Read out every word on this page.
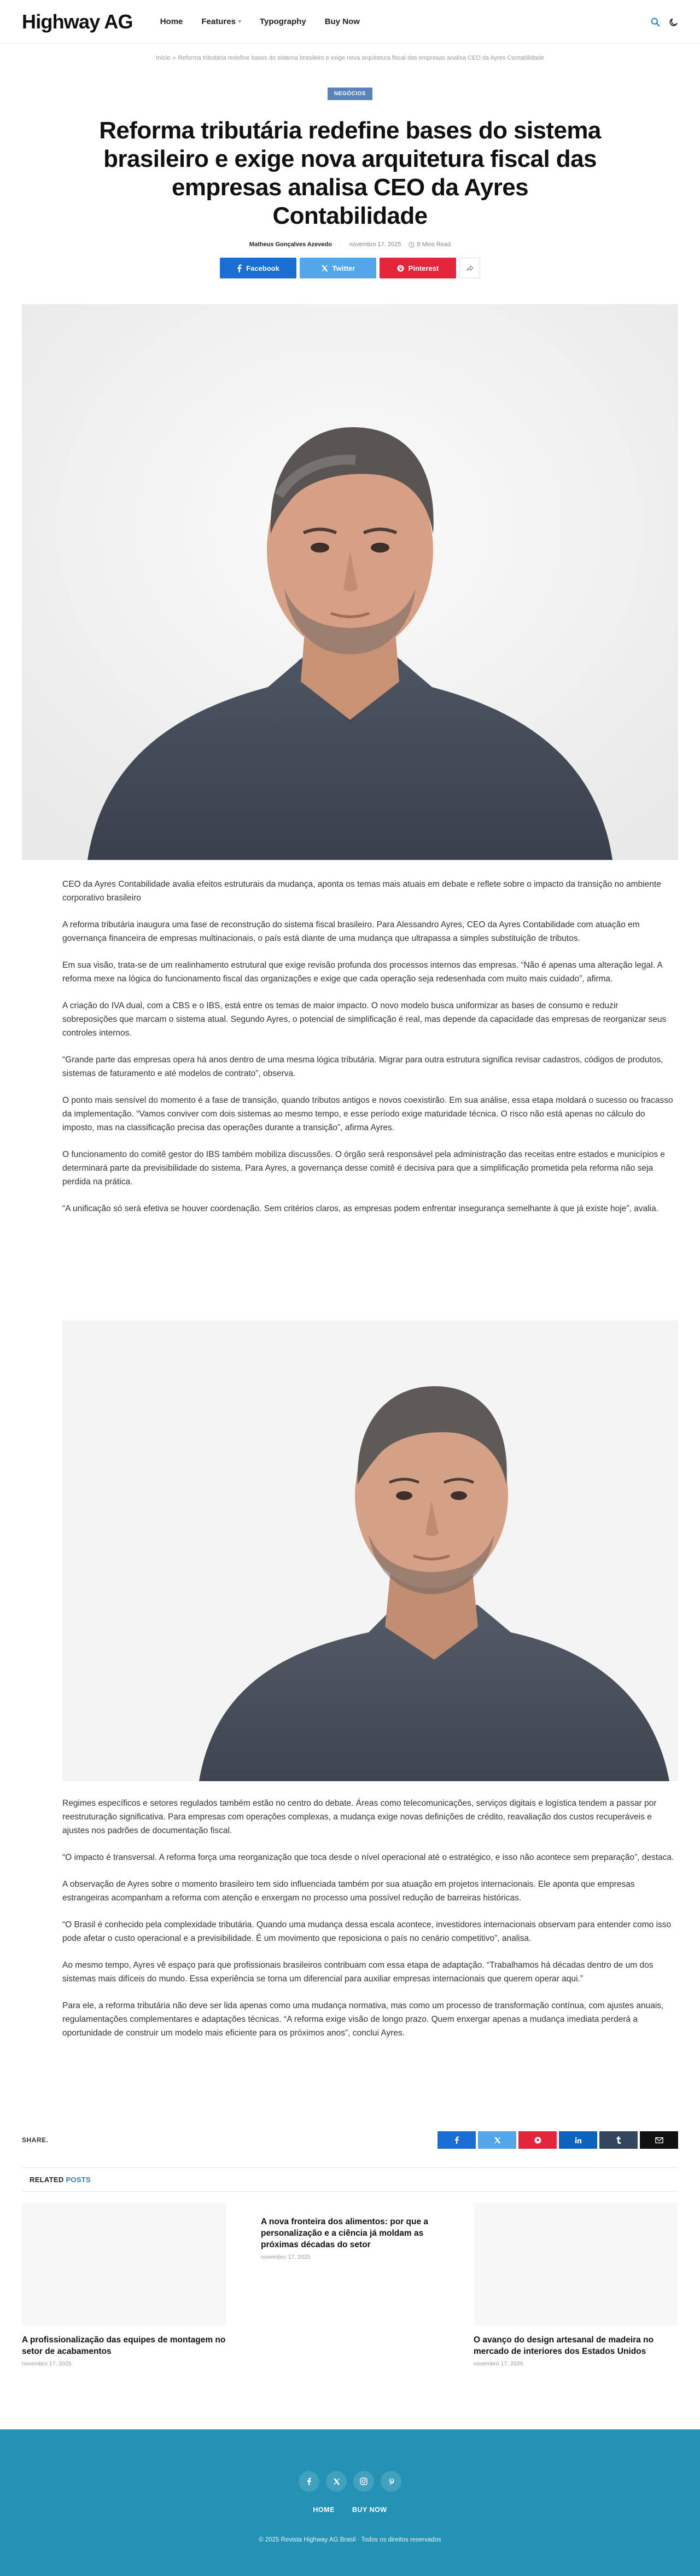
Highway AG	Home Features ▾ Typography Buy Now
Início » Reforma tributária redefine bases do sistema brasileiro e exige nova arquitetura fiscal das empresas analisa CEO da Ayres Contabilidade
NEGÓCIOS
Reforma tributária redefine bases do sistema brasileiro e exige nova arquitetura fiscal das empresas analisa CEO da Ayres Contabilidade
Matheus Gonçalves Azevedo · novembro 17, 2025	8 Mins Read
Facebook	Twitter	Pinterest

CEO da Ayres Contabilidade avalia efeitos estruturais da mudança, aponta os temas mais atuais em debate e reflete sobre o impacto da transição no ambiente corporativo brasileiro

A reforma tributária inaugura uma fase de reconstrução do sistema fiscal brasileiro. Para Alessandro Ayres, CEO da Ayres Contabilidade com atuação em governança financeira de empresas multinacionais, o país está diante de uma mudança que ultrapassa a simples substituição de tributos.

Em sua visão, trata-se de um realinhamento estrutural que exige revisão profunda dos processos internos das empresas. “Não é apenas uma alteração legal. A reforma mexe na lógica do funcionamento fiscal das organizações e exige que cada operação seja redesenhada com muito mais cuidado”, afirma.

A criação do IVA dual, com a CBS e o IBS, está entre os temas de maior impacto. O novo modelo busca uniformizar as bases de consumo e reduzir sobreposições que marcam o sistema atual. Segundo Ayres, o potencial de simplificação é real, mas depende da capacidade das empresas de reorganizar seus controles internos.

“Grande parte das empresas opera há anos dentro de uma mesma lógica tributária. Migrar para outra estrutura significa revisar cadastros, códigos de produtos, sistemas de faturamento e até modelos de contrato”, observa.

O ponto mais sensível do momento é a fase de transição, quando tributos antigos e novos coexistirão. Em sua análise, essa etapa moldará o sucesso ou fracasso da implementação. “Vamos conviver com dois sistemas ao mesmo tempo, e esse período exige maturidade técnica. O risco não está apenas no cálculo do imposto, mas na classificação precisa das operações durante a transição”, afirma Ayres.

O funcionamento do comitê gestor do IBS também mobiliza discussões. O órgão será responsável pela administração das receitas entre estados e municípios e determinará parte da previsibilidade do sistema. Para Ayres, a governança desse comitê é decisiva para que a simplificação prometida pela reforma não seja perdida na prática.

“A unificação só será efetiva se houver coordenação. Sem critérios claros, as empresas podem enfrentar insegurança semelhante à que já existe hoje”, avalia.

Regimes específicos e setores regulados também estão no centro do debate. Áreas como telecomunicações, serviços digitais e logística tendem a passar por reestruturação significativa. Para empresas com operações complexas, a mudança exige novas definições de crédito, reavaliação dos custos recuperáveis e ajustes nos padrões de documentação fiscal.

“O impacto é transversal. A reforma força uma reorganização que toca desde o nível operacional até o estratégico, e isso não acontece sem preparação”, destaca.

A observação de Ayres sobre o momento brasileiro tem sido influenciada também por sua atuação em projetos internacionais. Ele aponta que empresas estrangeiras acompanham a reforma com atenção e enxergam no processo uma possível redução de barreiras históricas.

“O Brasil é conhecido pela complexidade tributária. Quando uma mudança dessa escala acontece, investidores internacionais observam para entender como isso pode afetar o custo operacional e a previsibilidade. É um movimento que reposiciona o país no cenário competitivo”, analisa.

Ao mesmo tempo, Ayres vê espaço para que profissionais brasileiros contribuam com essa etapa de adaptação. “Trabalhamos há décadas dentro de um dos sistemas mais difíceis do mundo. Essa experiência se torna um diferencial para auxiliar empresas internacionais que querem operar aqui.”

Para ele, a reforma tributária não deve ser lida apenas como uma mudança normativa, mas como um processo de transformação contínua, com ajustes anuais, regulamentações complementares e adaptações técnicas. “A reforma exige visão de longo prazo. Quem enxergar apenas a mudança imediata perderá a oportunidade de construir um modelo mais eficiente para os próximos anos”, conclui Ayres.

SHARE.
RELATED POSTS
A profissionalização das equipes de montagem no setor de acabamentos
novembro 17, 2025
A nova fronteira dos alimentos: por que a personalização e a ciência já moldam as próximas décadas do setor
novembro 17, 2025
O avanço do design artesanal de madeira no mercado de interiores dos Estados Unidos
novembro 17, 2025
HOME	BUY NOW
© 2025 Revista Highway AG Brasil · Todos os direitos reservados
